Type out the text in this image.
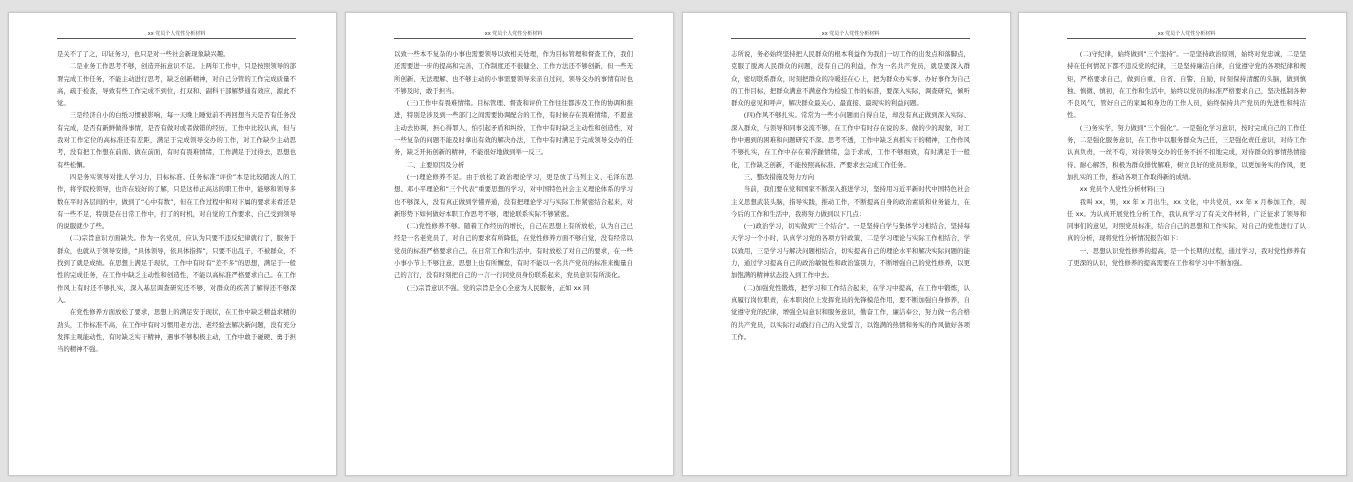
xx 党员个人党性分析材料

是关不了了之，印证务习，也只是对一些社会新现象缺兴趣。

二是业务工作思考不够，创造开拓意识不足。上两年工作中，只是按照领导的部署完成工作任务，不能主动进行思考，缺乏创新精神，对自己分管的工作完成质量不高，疏于检查，导致有些工作完成不到位，打双和、副科干部解梦通有效应，源此不觉。

三是经济自小的白纸习惯被影响，每一天晚上睡觉前不再回想当天是否有任务没有完成，是否有新鲜做得事情，是否有做对或者做错的经历，工作中比较认真，但与我对工作定位的高标准还有差距，满足于完成领导交办的工作，对工作缺少主动思考，没有把工作想在前面、做在前面，有时有畏难情绪，工作满足于过得去，思想也有些松懈。

四是务实领导对批人学习力，目标标准、任务标准“评价”本是比较随波人的工作，将学院校领导，也许在较好的了解，只是这样正高达的职工作中，能够和领导多数在平时各层间的中，做到了“心中有数”，但在工作过程中和对下属的要求来看还是有一些不足，特别是在日常工作中，打了的时机，对自觉的工作要求、自己受到领导的说服就少了些。

(二)宗旨意识方面缺失。作为一名党员，应认为只要不违反纪律就行了，服务于群众，也就从于领导安排，“具体领导，依具体指挥”，只要不出乱子，不被群众，不找到了就是成绩。在思想上满足于现状，工作中有时有“差不多”的思想，满足于一般性的完成任务，在工作中缺乏主动性和创造性，不能以高标准严格要求自己。在工作作风上有时还不够扎实，深入基层调查研究还不够，对群众的疾苦了解得还不够深入。

在党性修养方面放松了要求，思想上的满足安于现状，在工作中缺乏精益求精的劲头，工作标准不高，在工作中有时习惯用老方法、老经验去解决新问题，没有充分发挥主观能动性，有时缺乏实干精神，遇事不够积极主动，工作中敢于碰硬、勇于担当的精神不强。

xx 党员个人党性分析材料

以致一些本不复杂的小事也需要领导以致相关处理，作为目标管理和督查工作，我们还需要进一步的提高和完善，工作制度还不很健全、工作方法还不够创新，但一些无所创新、无法理解、也不够主动的小事需要领导来亲自过问，领导交办的事情有时也不够及时，敢于担当。

(三)工作中有畏难情绪。目标管理、督查和评价工作往往都涉及工作的协调和推进，特别是涉及到一些部门之间需要协调配合的工作，有时候存在畏难情绪，不愿意主动去协调，担心得罪人，怕引起矛盾和纠纷，工作中有时缺乏主动性和创造性，对一些复杂的问题不能及时拿出有效的解决办法，工作中有时满足于完成领导交办的任务，缺乏开拓创新的精神，不能很好地做到举一反三。

二、主要原因及分析

(一)理论修养不足。由于放松了政治理论学习，更是放了马列主义、毛泽东思想、邓小平理论和“三个代表”重要思想的学习，对中国特色社会主义理论体系的学习也不够深入，没有真正做到学懂弄通，没有把理论学习与实际工作紧密结合起来，对新形势下如何做好本职工作思考不够，理论联系实际不够紧密。

(二)党性修养不够。随着工作经历的增长，自己在思想上有所放松，认为自己已经是一名老党员了，对自己的要求有所降低，在党性修养方面不够自觉，没有经常以党员的标准严格要求自己，在日常工作和生活中，有时放松了对自己的要求，在一些小事小节上不够注意，思想上也有所懈怠，有时不能以一名共产党员的标准来衡量自己的言行，没有时刻把自己的一言一行同党员身份联系起来，党员意识有所淡化。

(三)宗旨意识不强。党的宗旨是全心全意为人民服务，正如 xx 同

xx 党员个人党性分析材料

志所说，务必始终坚持把人民群众的根本利益作为我们一切工作的出发点和落脚点，克服了脱离人民群众的问题，没有自己的利益，作为一名共产党员，就是要深入群众，密切联系群众，时刻把群众的冷暖挂在心上，把为群众办实事、办好事作为自己的工作目标，把群众满意不满意作为检验工作的标准，要深入实际，调查研究，倾听群众的意见和呼声，解决群众最关心、最直接、最现实的利益问题。

(四)作风不够扎实。常常为一些小问题而自得自足，却没有真正做到深入实际、深入群众，与领导和同事交流不够，在工作中有时存在说的多、做的少的现象，对工作中遇到的困难和问题研究不深、思考不透，工作中缺乏真抓实干的精神，工作作风不够扎实，在工作中存在着浮躁情绪，急于求成，工作不够细致，有时满足于一般化，工作缺乏创新，不能按照高标准、严要求去完成工作任务。

三、整改措施及努力方向

当前，我们要在党和国家不断深入推进学习，坚持用习近平新时代中国特色社会主义思想武装头脑，指导实践，推动工作，不断提高自身的政治素质和业务能力，在今后的工作和生活中，我将努力做到以下几点：

(一)政治学习，切实做到“三个结合”。一是坚持自学与集体学习相结合，坚持每天学习一个小时，认真学习党的各项方针政策，二是学习理论与实际工作相结合，学以致用，三是学习与解决问题相结合，切实提高自己的理论水平和解决实际问题的能力，通过学习提高自己的政治敏锐性和政治鉴别力，不断增强自己的党性修养，以更加饱满的精神状态投入到工作中去。

(二)加强党性锻炼，把学习和工作结合起来，在学习中提高，在工作中锻炼，认真履行岗位职责，在本职岗位上发挥党员的先锋模范作用，要不断加强自身修养，自觉遵守党的纪律，增强全局意识和服务意识，勤奋工作，廉洁奉公，努力做一名合格的共产党员，以实际行动践行自己的入党誓言，以饱满的热情和务实的作风做好各项工作。

xx 党员个人党性分析材料

(二)守纪律，始终做到“三个坚持”。一是坚持政治原则，始终对党忠诚，二是坚持在任何情况下都不违反党的纪律，三是坚持廉洁自律，自觉遵守党的各项纪律和规矩，严格要求自己，做到自重、自省、自警、自励，时刻保持清醒的头脑，做到慎独、慎微、慎初，在工作和生活中，始终以党员的标准严格要求自己，坚决抵制各种不良风气，管好自己的家属和身边的工作人员，始终保持共产党员的先进性和纯洁性。

(三)务实学，努力做到“三个强化”。一是强化学习意识，按时完成自己的工作任务，二是强化服务意识，在工作中以服务群众为己任，三是强化责任意识，对待工作认真负责，一丝不苟，对待领导交办的任务不折不扣地完成，对待群众的事情热情接待、耐心解答，积极为群众排忧解难，树立良好的党员形象，以更加务实的作风，更加扎实的工作，推动各项工作取得新的成绩。

xx 党员个人党性分析材料(三)

我叫 xx，男，xx 年 x 月出生，xx 文化，中共党员，xx 年 x 月参加工作，现任 xx。为认真开展党性分析工作，我认真学习了有关文件材料，广泛征求了领导和同事们的意见，对照党员标准，结合自己的思想和工作实际，对自己的党性进行了认真的分析，现将党性分析情况报告如下：

一、思想认识党性修养的提高，是一个长期的过程，通过学习，我对党性修养有了更深的认识，党性修养的提高需要在工作和学习中不断加强。
